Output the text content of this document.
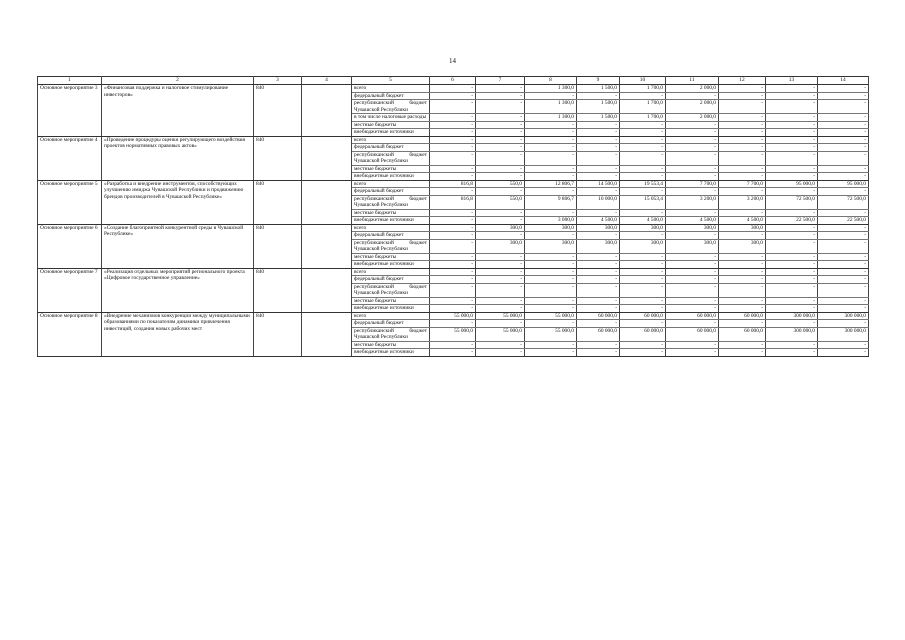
14
1	2	3	4	5	6	7	8	9	10	11	12	13	14
Основное мероприятие 3	«Финансовая поддержка и налоговое стимулирование инвесторов»	840		всего	-	-	1 300,0	1 500,0	1 700,0	2 000,0	-	-	-
				федеральный бюджет	-	-	-	-	-	-	-	-	-
				республиканский бюджет Чувашской Республики	-	-	1 300,0	1 500,0	1 700,0	2 000,0	-	-	-
				в том числе налоговые расходы	-	-	1 300,0	1 500,0	1 700,0	2 000,0	-	-	-
				местные бюджеты	-	-	-	-	-	-	-	-	-
				внебюджетные источники	-	-	-	-	-	-	-	-	-
Основное мероприятие 4	«Проведение процедуры оценки регулирующего воздействия проектов нормативных правовых актов»	840		всего	-	-	-	-	-	-	-	-	-
				федеральный бюджет	-	-	-	-	-	-	-	-	-
				республиканский бюджет Чувашской Республики	-	-	-	-	-	-	-	-	-
				местные бюджеты	-	-	-	-	-	-	-	-	-
				внебюджетные источники	-	-	-	-	-	-	-	-	-
Основное мероприятие 5	«Разработка и внедрение инструментов, способствующих улучшению имиджа Чувашской Республики и продвижению брендов производителей в Чувашской Республике»	840		всего	816,8	550,0	12 806,7	14 500,0	19 553,4	7 700,0	7 700,0	95 000,0	95 000,0
				федеральный бюджет	-	-	-	-	-	-	-	-	-
				республиканский бюджет Чувашской Республики	816,8	550,0	9 806,7	10 000,0	15 053,4	3 200,0	3 200,0	72 500,0	72 500,0
				местные бюджеты	-	-	-	-	-	-	-	-	-
				внебюджетные источники	-	-	3 000,0	4 500,0	4 500,0	4 500,0	4 500,0	22 500,0	22 500,0
Основное мероприятие 6	«Создание благоприятной конкурентной среды в Чувашской Республике»	840		всего	-	300,0	300,0	300,0	300,0	300,0	300,0	-	-
				федеральный бюджет	-	-	-	-	-	-	-	-	-
				республиканский бюджет Чувашской Республики	-	300,0	300,0	300,0	300,0	300,0	300,0	-	-
				местные бюджеты	-	-	-	-	-	-	-	-	-
				внебюджетные источники	-	-	-	-	-	-	-	-	-
Основное мероприятие 7	«Реализация отдельных мероприятий регионального проекта «Цифровое государственное управление»	840		всего	-	-	-	-	-	-	-	-	-
				федеральный бюджет	-	-	-	-	-	-	-	-	-
				республиканский бюджет Чувашской Республики	-	-	-	-	-	-	-	-	-
				местные бюджеты	-	-	-	-	-	-	-	-	-
				внебюджетные источники	-	-	-	-	-	-	-	-	-
Основное мероприятие 8	«Внедрение механизмов конкуренции между муниципальными образованиями по показателям динамики привлечения инвестиций, создания новых рабочих мест	840		всего	55 000,0	55 000,0	55 000,0	60 000,0	60 000,0	60 000,0	60 000,0	300 000,0	300 000,0
				федеральный бюджет	-	-	-	-	-	-	-	-	-
				республиканский бюджет Чувашской Республики	55 000,0	55 000,0	55 000,0	60 000,0	60 000,0	60 000,0	60 000,0	300 000,0	300 000,0
				местные бюджеты	-	-	-	-	-	-	-	-	-
				внебюджетные источники	-	-	-	-	-	-	-	-	-
